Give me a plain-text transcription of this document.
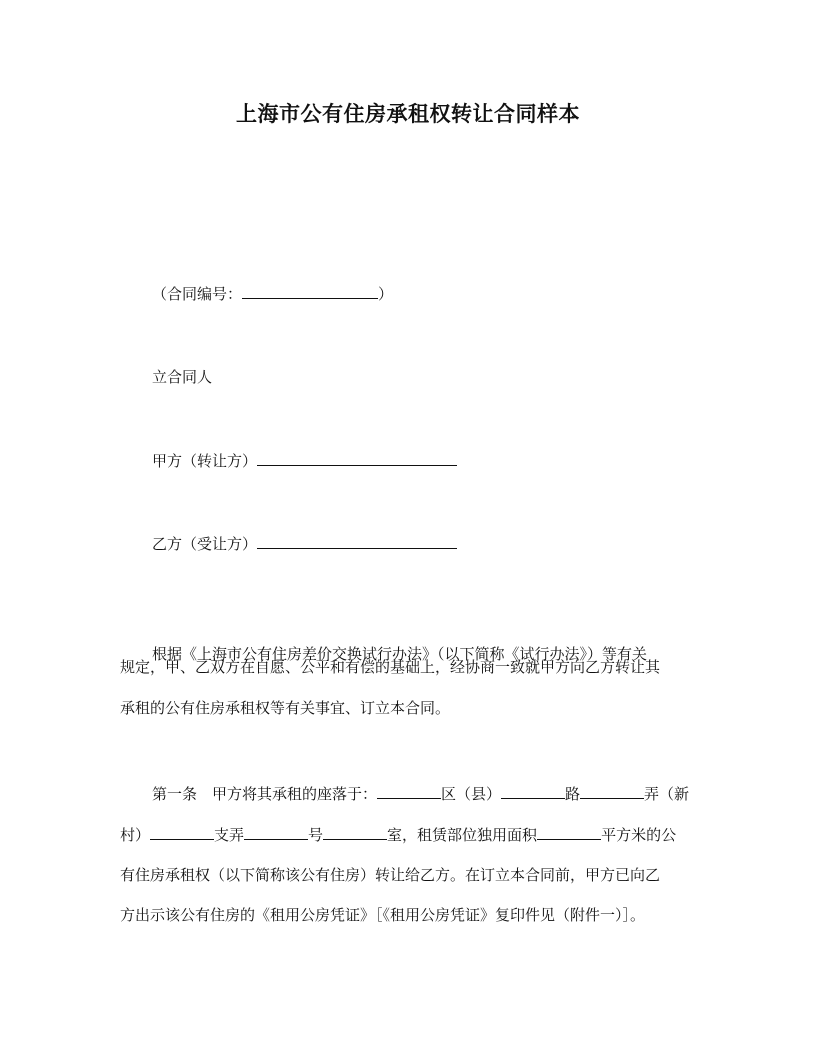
上海市公有住房承租权转让合同样本
（合同编号：	）
立合同人
甲方（转让方）
乙方（受让方）
根据《上海市公有住房差价交换试行办法》（以下简称《试行办法》）等有关
规定，甲、乙双方在自愿、公平和有偿的基础上，经协商一致就甲方向乙方转让其
承租的公有住房承租权等有关事宜、订立本合同。
第一条　甲方将其承租的座落于：	区（县）	路	弄（新
村）	支弄	号	室，租赁部位独用面积	平方米的公
有住房承租权（以下简称该公有住房）转让给乙方。在订立本合同前，甲方已向乙
方出示该公有住房的《租用公房凭证》［《租用公房凭证》复印件见（附件一）］。
